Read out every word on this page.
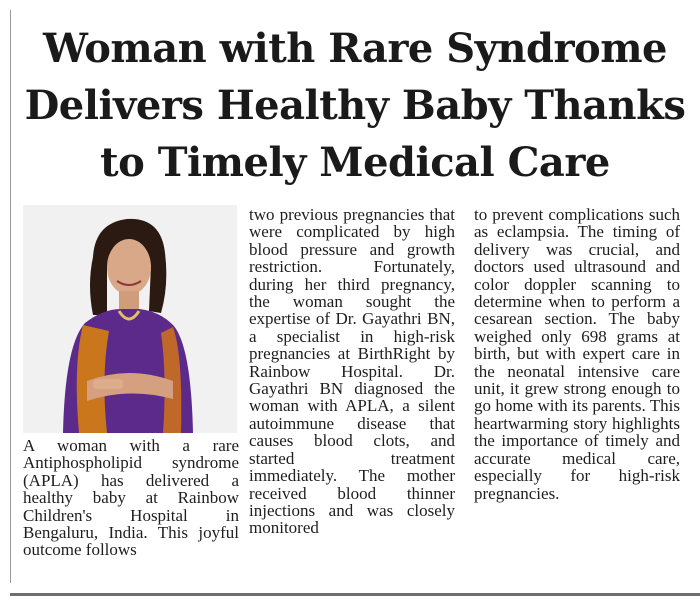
Woman with Rare Syndrome Delivers Healthy Baby Thanks to Timely Medical Care

A woman with a rare Antiphospholipid syndrome (APLA) has delivered a healthy baby at Rainbow Children's Hospital in Bengaluru, India. This joyful outcome follows

two previous pregnancies that were complicated by high blood pressure and growth restriction. Fortunately, during her third pregnancy, the woman sought the expertise of Dr. Gayathri BN, a specialist in high-risk pregnancies at BirthRight by Rainbow Hospital. Dr. Gayathri BN diagnosed the woman with APLA, a silent autoimmune disease that causes blood clots, and started treatment immediately. The mother received blood thinner injections and was closely monitored

to prevent complications such as eclampsia. The timing of delivery was crucial, and doctors used ultrasound and color doppler scanning to determine when to perform a cesarean section. The baby weighed only 698 grams at birth, but with expert care in the neonatal intensive care unit, it grew strong enough to go home with its parents. This heartwarming story highlights the importance of timely and accurate medical care, especially for high-risk pregnancies.
